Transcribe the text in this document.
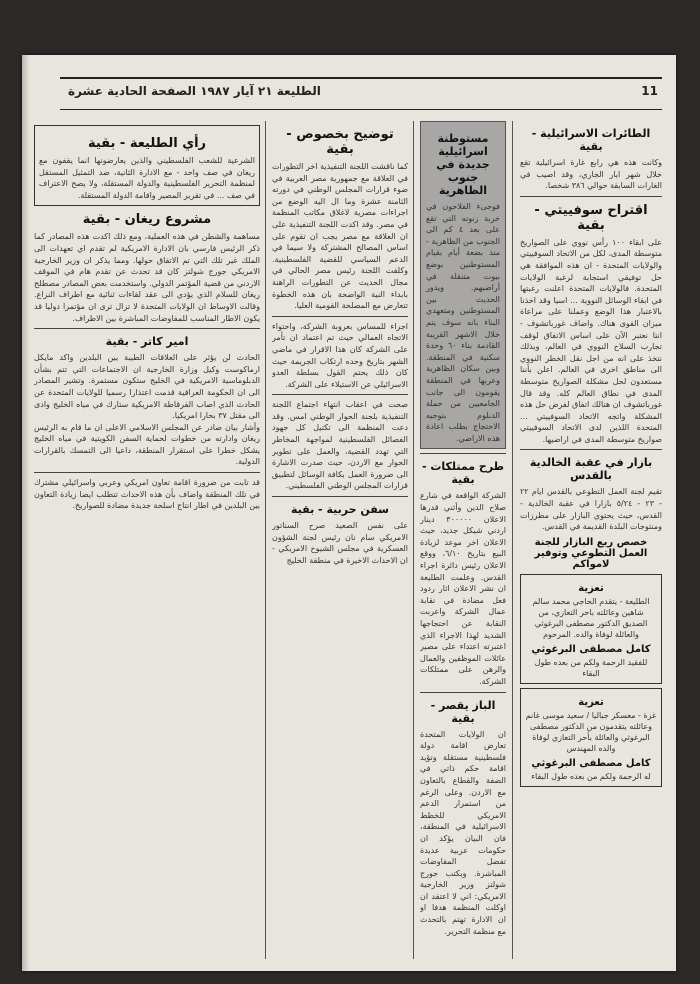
11
الطليعة ٢١ آيار ١٩٨٧ الصفحة الحادية عشرة
الطائرات الاسرائيلية - بقية
وكانت هذه هي رابع غارة اسرائيلية تقع خلال شهر ايار الجاري، وقد اصيب في الغارات السابقة حوالي ٣٨٦ شخصا.
اقتراح سوفييتي - بقية
على ابقاء ١٠٠ رأس نووي على الصواريخ متوسطة المدى، لكل من الاتحاد السوفييتي والولايات المتحدة - ان هذه الموافقة هي حل توفيقي استجابة لرغبة الولايات المتحدة. فالولايات المتحدة اعلنت رغبتها في ابقاء الوسائل النووية ... اسيا وقد اخذنا بالاعتبار هذا الوضع وعملنا على مراعاة ميزان القوى هناك. واضاف غورباتشوف - انتا نعتبر الآن على اساس الاتفاق لوقف تجارب السلاح النووي في العالم، وبذلك نتخذ على انه من اجل نقل الخطر النووي الى مناطق اخرى في العالم. اعلن بأننا مستعدون لحل مشكلة الصواريخ متوسطة المدى في نطاق العالم كله. وقد قال غورباتشوف ان هنالك اتفاق لفرض حل هذه المشكلة واتجه الاتحاد السوفييتي ... المتحدة اللذين لدى الاتحاد السوفييتي صواريخ متوسطة المدى في اراضيها.
بازار في عقبة الخالدية بالقدس
تقيم لجنة العمل التطوعي بالقدس ايام ٢٢ - ٢٣ - ٥/٢٤ بازارا في عقبة الخالدية - القدس، حيث يحتوي البازار على مطرزات ومنتوجات البلدة القديمة في القدس.
خصص ريع البازار للجنة العمل التطوعي وتوفير لامواكم
تعزية
الطليعة - يتقدم الحاجي محمد سالم شاهين وعائلته باحر التعازي، من الصديق الدكتور مصطفى البرغوثي والعائلة لوفاة والده. المرحوم
كامل مصطفى البرغوثي
للفقيد الرحمة ولكم من بعده طول البقاء
تعزية
غزة - معسكر جباليا / سعيد موسى غانم وعائلته يتقدمون من الدكتور مصطفى البرغوثي والعائلة بأحر التعازي لوفاة والده المهندس
كامل مصطفى البرغوثي
له الرحمة ولكم من بعده طول البقاء
مستوطنة اسرائيلية جديدة في جنوب الظاهرية
فوجىء الفلاحون في خربة زنوته التي تقع على بعد ٤ كم الى الجنوب من الظاهرية - منذ بضعة أيام بقيام المستوطنين بوضع بيوت متنقلة في أراضيهم. ويدور الحديث بين المستوطنين ومتعهدي البناء بانه سوف يتم خلال الاشهر القريبة القادمة بناء ٦٠ وحدة سكنية في المنطقة. وبين سكان الظاهرية وعربها في المنطقة يقومون الى جانب الجامعيين من حملة الدبلوم بتوجيه الاحتجاج بطلب اعادة هذه الاراضي.
طرح ممتلكات - بقية
الشركة الواقعة في شارع صلاح الدين وأثني قدرها الاعلان ٣٠٠٠٠٠ دينار اردني شيكل جديد، حيث الاعلان اخر موعد لزيادة البيع بتاريخ ٦/١٠، ووقع الاعلان رئيس دائرة اجراء القدس. وعلمت الطليعة ان نشر الاعلان اثار ردود فعل مضادة في نقابة عمال الشركة واعربت النقابة عن احتجاجها الشديد لهذا الاجراء الذي اعتبرته اعتداء على مصير عائلات الموظفين والعمال والرهن على ممتلكات الشركة.
الباز يقصر - بقية
ان الولايات المتحدة تعارض اقامة دولة فلسطينية مستقلة وتؤيد اقامة حكم ذاتي في الضفة والقطاع بالتعاون مع الاردن. وعلى الرغم من استمرار الدعم الامريكي للخطط الاسرائيلية في المنطقة، فان البيان يؤكد ان حكومات عربية عديدة تفضل المفاوضات المباشرة. ويكتب جورج شولتز وزير الخارجية الامريكي: اني لا اعتقد ان اوكلت المنظمة هدفا او ان الادارة تهتم بالتحدث مع منظمة التحرير.
توضيح بخصوص - بقية
كما ناقشت اللجنة التنفيذية اخر التطورات في العلاقة مع جمهورية مصر العربية في ضوء قرارات المجلس الوطني في دورته الثامنة عشرة وما ال اليه الوضع من اجراءات مصرية لاغلاق مكاتب المنظمة في مصر. وقد اكدت اللجنة التنفيذية على ان العلاقة مع مصر يجب ان تقوم على اساس المصالح المشتركة ولا سيما في الدعم السياسي للقضية الفلسطينية. وكلفت اللجنة رئيس مصر الحالي في مجال الحديث عن التطورات الراهنة بابداء النية الواضحة بان هذه الخطوة تتعارض مع المصلحة القومية العليا.
اجراء للمساس بعروبة الشركة، واحتواء الاتجاه العمالي حيث تم اعتماد ان تأمر على الشركة كان هذا الاقرار في ماضي الشهر بتاريخ وحده ارتكاب الجريمة حيث كان ذلك يحتم القول بسلطة العدو الاسرائيلي عن الاستيلاء على الشركة.
صحت في اعقاب انتهاء اجتماع اللجنة التنفيذية بلجنة الحوار الوطني امس. وقد دعت المنظمة الى تكتيل كل جهود الفصائل الفلسطينية لمواجهة المخاطر التي تهدد القضية، والعمل على تطوير الحوار مع الاردن، حيث صدرت الاشارة الى ضرورة العمل بكافة الوسائل لتطبيق قرارات المجلس الوطني الفلسطيني.
سفن حربية - بقية
على نفس الصعيد صرح السناتور الامريكي سام نان رئيس لجنة الشؤون العسكرية في مجلس الشيوخ الامريكي - ان الاحداث الاخيرة في منطقة الخليج
رأي الطليعة - بقية
الشرعية للشعب الفلسطيني والذين يعارضونها انما يقفون مع ريغان في صف واحد - مع الادارة الثانية، ضد التمثيل المستقل لمنظمة التحرير الفلسطينية والدولة المستقلة، ولا يصح الاعتراف في صف ... في تقرير المصير واقامة الدولة المستقلة.
مشروع ريغان - بقية
مساهمة والشطن في هذه العملية، ومع ذلك اكدت هذه المصادر كما ذكر الرئيس فارسي بان الادارة الامريكية لم تقدم اي تعهدات الى الملك غير تلك التي تم الاتفاق حولها. ومما يذكر ان وزير الخارجية الامريكي جورج شولتز كان قد تحدث عن تقدم هام في الموقف الاردني من قضية المؤتمر الدولي. واستخدمت بعض المصادر مصطلح ريغان للسلام الذي يؤدي الى عقد لقاءات ثنائية مع اطراف النزاع. وقالت الاوساط ان الولايات المتحدة لا تزال ترى ان مؤتمرا دوليا قد يكون الاطار المناسب للمفاوضات المباشرة بين الاطراف.
امير كاتر - بقية
الحادث لن يؤثر على العلاقات الطيبة بين البلدين واكد مايكل ارماكوست وكيل وزارة الخارجية ان الاجتماعات التي تتم بشأن الدبلوماسية الامريكية في الخليج ستكون مستمرة. وتشير المصادر الى ان الحكومة العراقية قدمت اعتذارا رسميا للولايات المتحدة عن الحادث الذي اصاب الفرقاطة الامريكية ستارك في مياه الخليج وادى الى مقتل ٣٧ بحارا امريكيا.
وأشار بيان صادر عن المجلس الاسلامي الاعلى ان ما قام به الرئيس ريغان وادارته من خطوات لحماية السفن الكويتية في مياه الخليج يشكل خطرا على استقرار المنطقة، داعيا الى التمسك بالقرارات الدولية.
قد تابت من ضرورة اقامة تعاون امريكي وعربي واسرائيلي مشترك في تلك المنطقة واضاف بأن هذه الاحداث تتطلب ايضا زيادة التعاون بين البلدين في اطار انتاج اسلحة جديدة مضادة للصواريخ.
